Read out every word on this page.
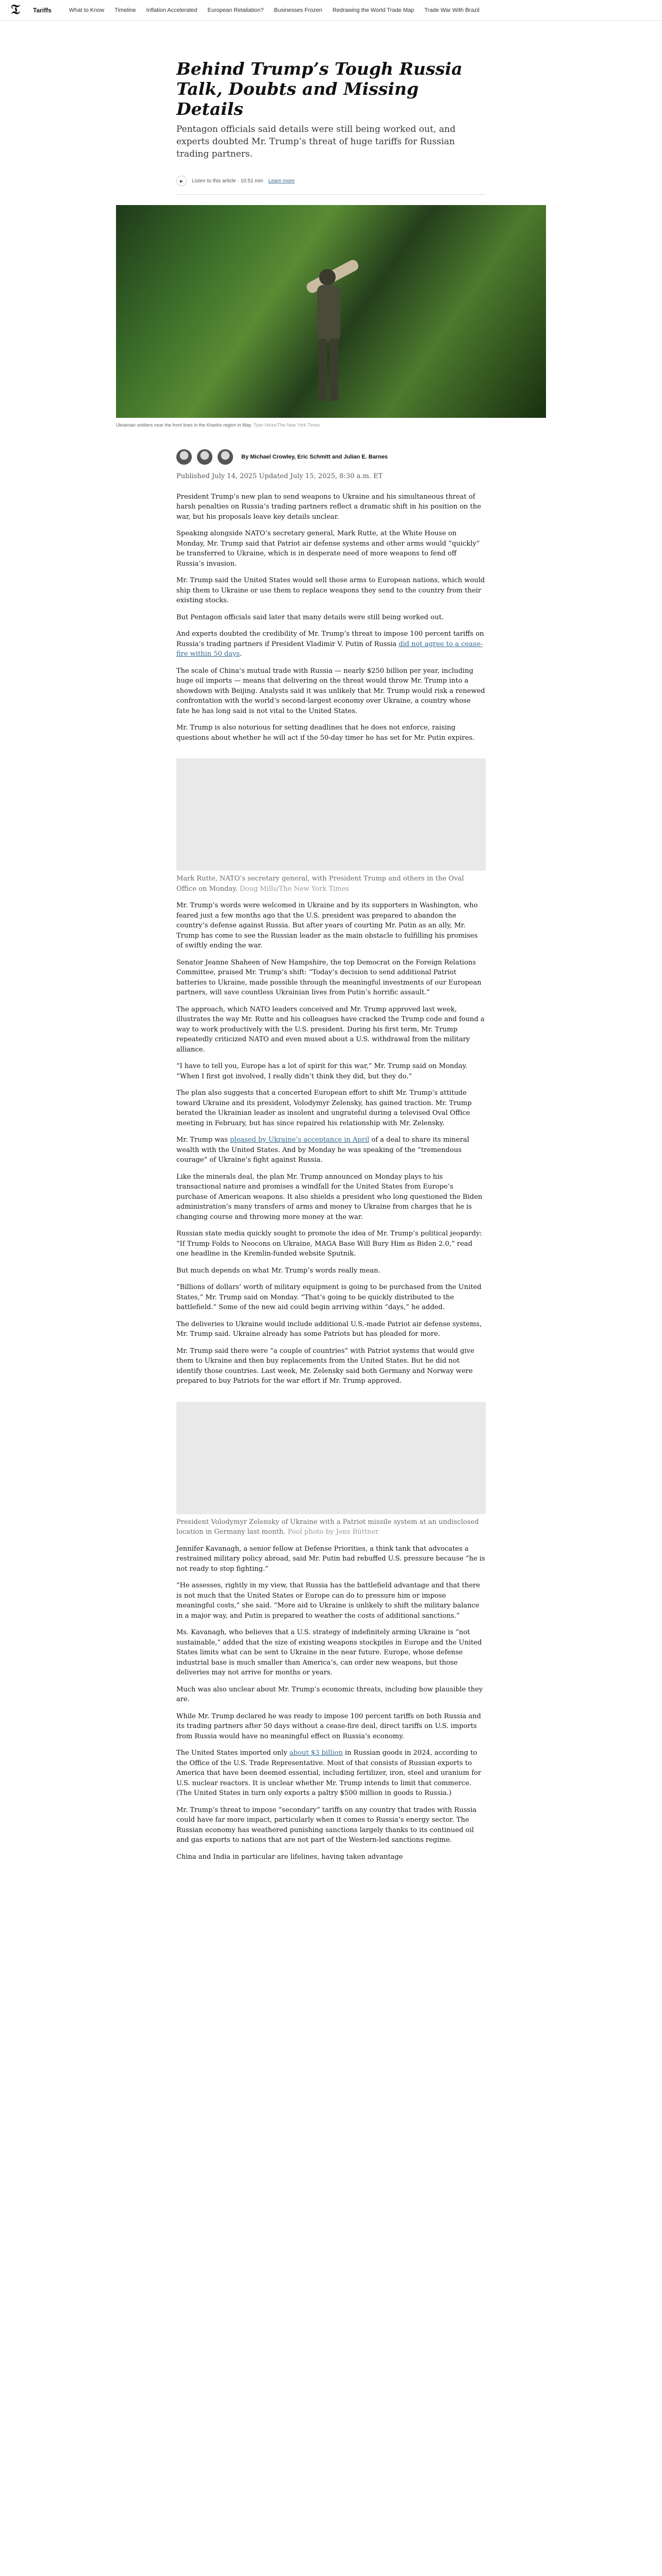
𝔗	Tariffs	What to Know Timeline Inflation Accelerated European Retaliation? Businesses Frozen Redrawing the World Trade Map Trade War With Brazil
Behind Trump’s Tough Russia Talk, Doubts and Missing Details

Pentagon officials said details were still being worked out, and experts doubted Mr. Trump’s threat of huge tariffs for Russian trading partners.

▶	Listen to this article · 10:51 min Learn more

Ukrainian soldiers near the front lines in the Kharkiv region in May. Tyler Hicks/The New York Times

By Michael Crowley, Eric Schmitt and Julian E. Barnes

Published July 14, 2025 Updated July 15, 2025, 8:30 a.m. ET

President Trump’s new plan to send weapons to Ukraine and his simultaneous threat of harsh penalties on Russia’s trading partners reflect a dramatic shift in his position on the war, but his proposals leave key details unclear.

Speaking alongside NATO’s secretary general, Mark Rutte, at the White House on Monday, Mr. Trump said that Patriot air defense systems and other arms would “quickly” be transferred to Ukraine, which is in desperate need of more weapons to fend off Russia’s invasion.

Mr. Trump said the United States would sell those arms to European nations, which would ship them to Ukraine or use them to replace weapons they send to the country from their existing stocks.

But Pentagon officials said later that many details were still being worked out.

And experts doubted the credibility of Mr. Trump’s threat to impose 100 percent tariffs on Russia’s trading partners if President Vladimir V. Putin of Russia did not agree to a cease-fire within 50 days.

The scale of China’s mutual trade with Russia — nearly $250 billion per year, including huge oil imports — means that delivering on the threat would throw Mr. Trump into a showdown with Beijing. Analysts said it was unlikely that Mr. Trump would risk a renewed confrontation with the world’s second-largest economy over Ukraine, a country whose fate he has long said is not vital to the United States.

Mr. Trump is also notorious for setting deadlines that he does not enforce, raising questions about whether he will act if the 50-day timer he has set for Mr. Putin expires.

Mark Rutte, NATO’s secretary general, with President Trump and others in the Oval Office on Monday. Doug Mills/The New York Times

Mr. Trump’s words were welcomed in Ukraine and by its supporters in Washington, who feared just a few months ago that the U.S. president was prepared to abandon the country’s defense against Russia. But after years of courting Mr. Putin as an ally, Mr. Trump has come to see the Russian leader as the main obstacle to fulfilling his promises of swiftly ending the war.

Senator Jeanne Shaheen of New Hampshire, the top Democrat on the Foreign Relations Committee, praised Mr. Trump’s shift: “Today’s decision to send additional Patriot batteries to Ukraine, made possible through the meaningful investments of our European partners, will save countless Ukrainian lives from Putin’s horrific assault.”

The approach, which NATO leaders conceived and Mr. Trump approved last week, illustrates the way Mr. Rutte and his colleagues have cracked the Trump code and found a way to work productively with the U.S. president. During his first term, Mr. Trump repeatedly criticized NATO and even mused about a U.S. withdrawal from the military alliance.

“I have to tell you, Europe has a lot of spirit for this war,” Mr. Trump said on Monday. “When I first got involved, I really didn’t think they did, but they do.”

The plan also suggests that a concerted European effort to shift Mr. Trump’s attitude toward Ukraine and its president, Volodymyr Zelensky, has gained traction. Mr. Trump berated the Ukrainian leader as insolent and ungrateful during a televised Oval Office meeting in February, but has since repaired his relationship with Mr. Zelensky.

Mr. Trump was pleased by Ukraine’s acceptance in April of a deal to share its mineral wealth with the United States. And by Monday he was speaking of the “tremendous courage” of Ukraine’s fight against Russia.

Like the minerals deal, the plan Mr. Trump announced on Monday plays to his transactional nature and promises a windfall for the United States from Europe’s purchase of American weapons. It also shields a president who long questioned the Biden administration’s many transfers of arms and money to Ukraine from charges that he is changing course and throwing more money at the war.

Russian state media quickly sought to promote the idea of Mr. Trump’s political jeopardy: “If Trump Folds to Neocons on Ukraine, MAGA Base Will Bury Him as Biden 2.0,” read one headline in the Kremlin-funded website Sputnik.

But much depends on what Mr. Trump’s words really mean.

“Billions of dollars’ worth of military equipment is going to be purchased from the United States,” Mr. Trump said on Monday. “That’s going to be quickly distributed to the battlefield.” Some of the new aid could begin arriving within “days,” he added.

The deliveries to Ukraine would include additional U.S.-made Patriot air defense systems, Mr. Trump said. Ukraine already has some Patriots but has pleaded for more.

Mr. Trump said there were “a couple of countries” with Patriot systems that would give them to Ukraine and then buy replacements from the United States. But he did not identify those countries. Last week, Mr. Zelensky said both Germany and Norway were prepared to buy Patriots for the war effort if Mr. Trump approved.

President Volodymyr Zelensky of Ukraine with a Patriot missile system at an undisclosed location in Germany last month. Pool photo by Jens Büttner

Jennifer Kavanagh, a senior fellow at Defense Priorities, a think tank that advocates a restrained military policy abroad, said Mr. Putin had rebuffed U.S. pressure because “he is not ready to stop fighting.”

“He assesses, rightly in my view, that Russia has the battlefield advantage and that there is not much that the United States or Europe can do to pressure him or impose meaningful costs,” she said. “More aid to Ukraine is unlikely to shift the military balance in a major way, and Putin is prepared to weather the costs of additional sanctions.”

Ms. Kavanagh, who believes that a U.S. strategy of indefinitely arming Ukraine is “not sustainable,” added that the size of existing weapons stockpiles in Europe and the United States limits what can be sent to Ukraine in the near future. Europe, whose defense industrial base is much smaller than America’s, can order new weapons, but those deliveries may not arrive for months or years.

Much was also unclear about Mr. Trump’s economic threats, including how plausible they are.

While Mr. Trump declared he was ready to impose 100 percent tariffs on both Russia and its trading partners after 50 days without a cease-fire deal, direct tariffs on U.S. imports from Russia would have no meaningful effect on Russia’s economy.

The United States imported only about $3 billion in Russian goods in 2024, according to the Office of the U.S. Trade Representative. Most of that consists of Russian exports to America that have been deemed essential, including fertilizer, iron, steel and uranium for U.S. nuclear reactors. It is unclear whether Mr. Trump intends to limit that commerce. (The United States in turn only exports a paltry $500 million in goods to Russia.)

Mr. Trump’s threat to impose “secondary” tariffs on any country that trades with Russia could have far more impact, particularly when it comes to Russia’s energy sector. The Russian economy has weathered punishing sanctions largely thanks to its continued oil and gas exports to nations that are not part of the Western-led sanctions regime.

China and India in particular are lifelines, having taken advantage
